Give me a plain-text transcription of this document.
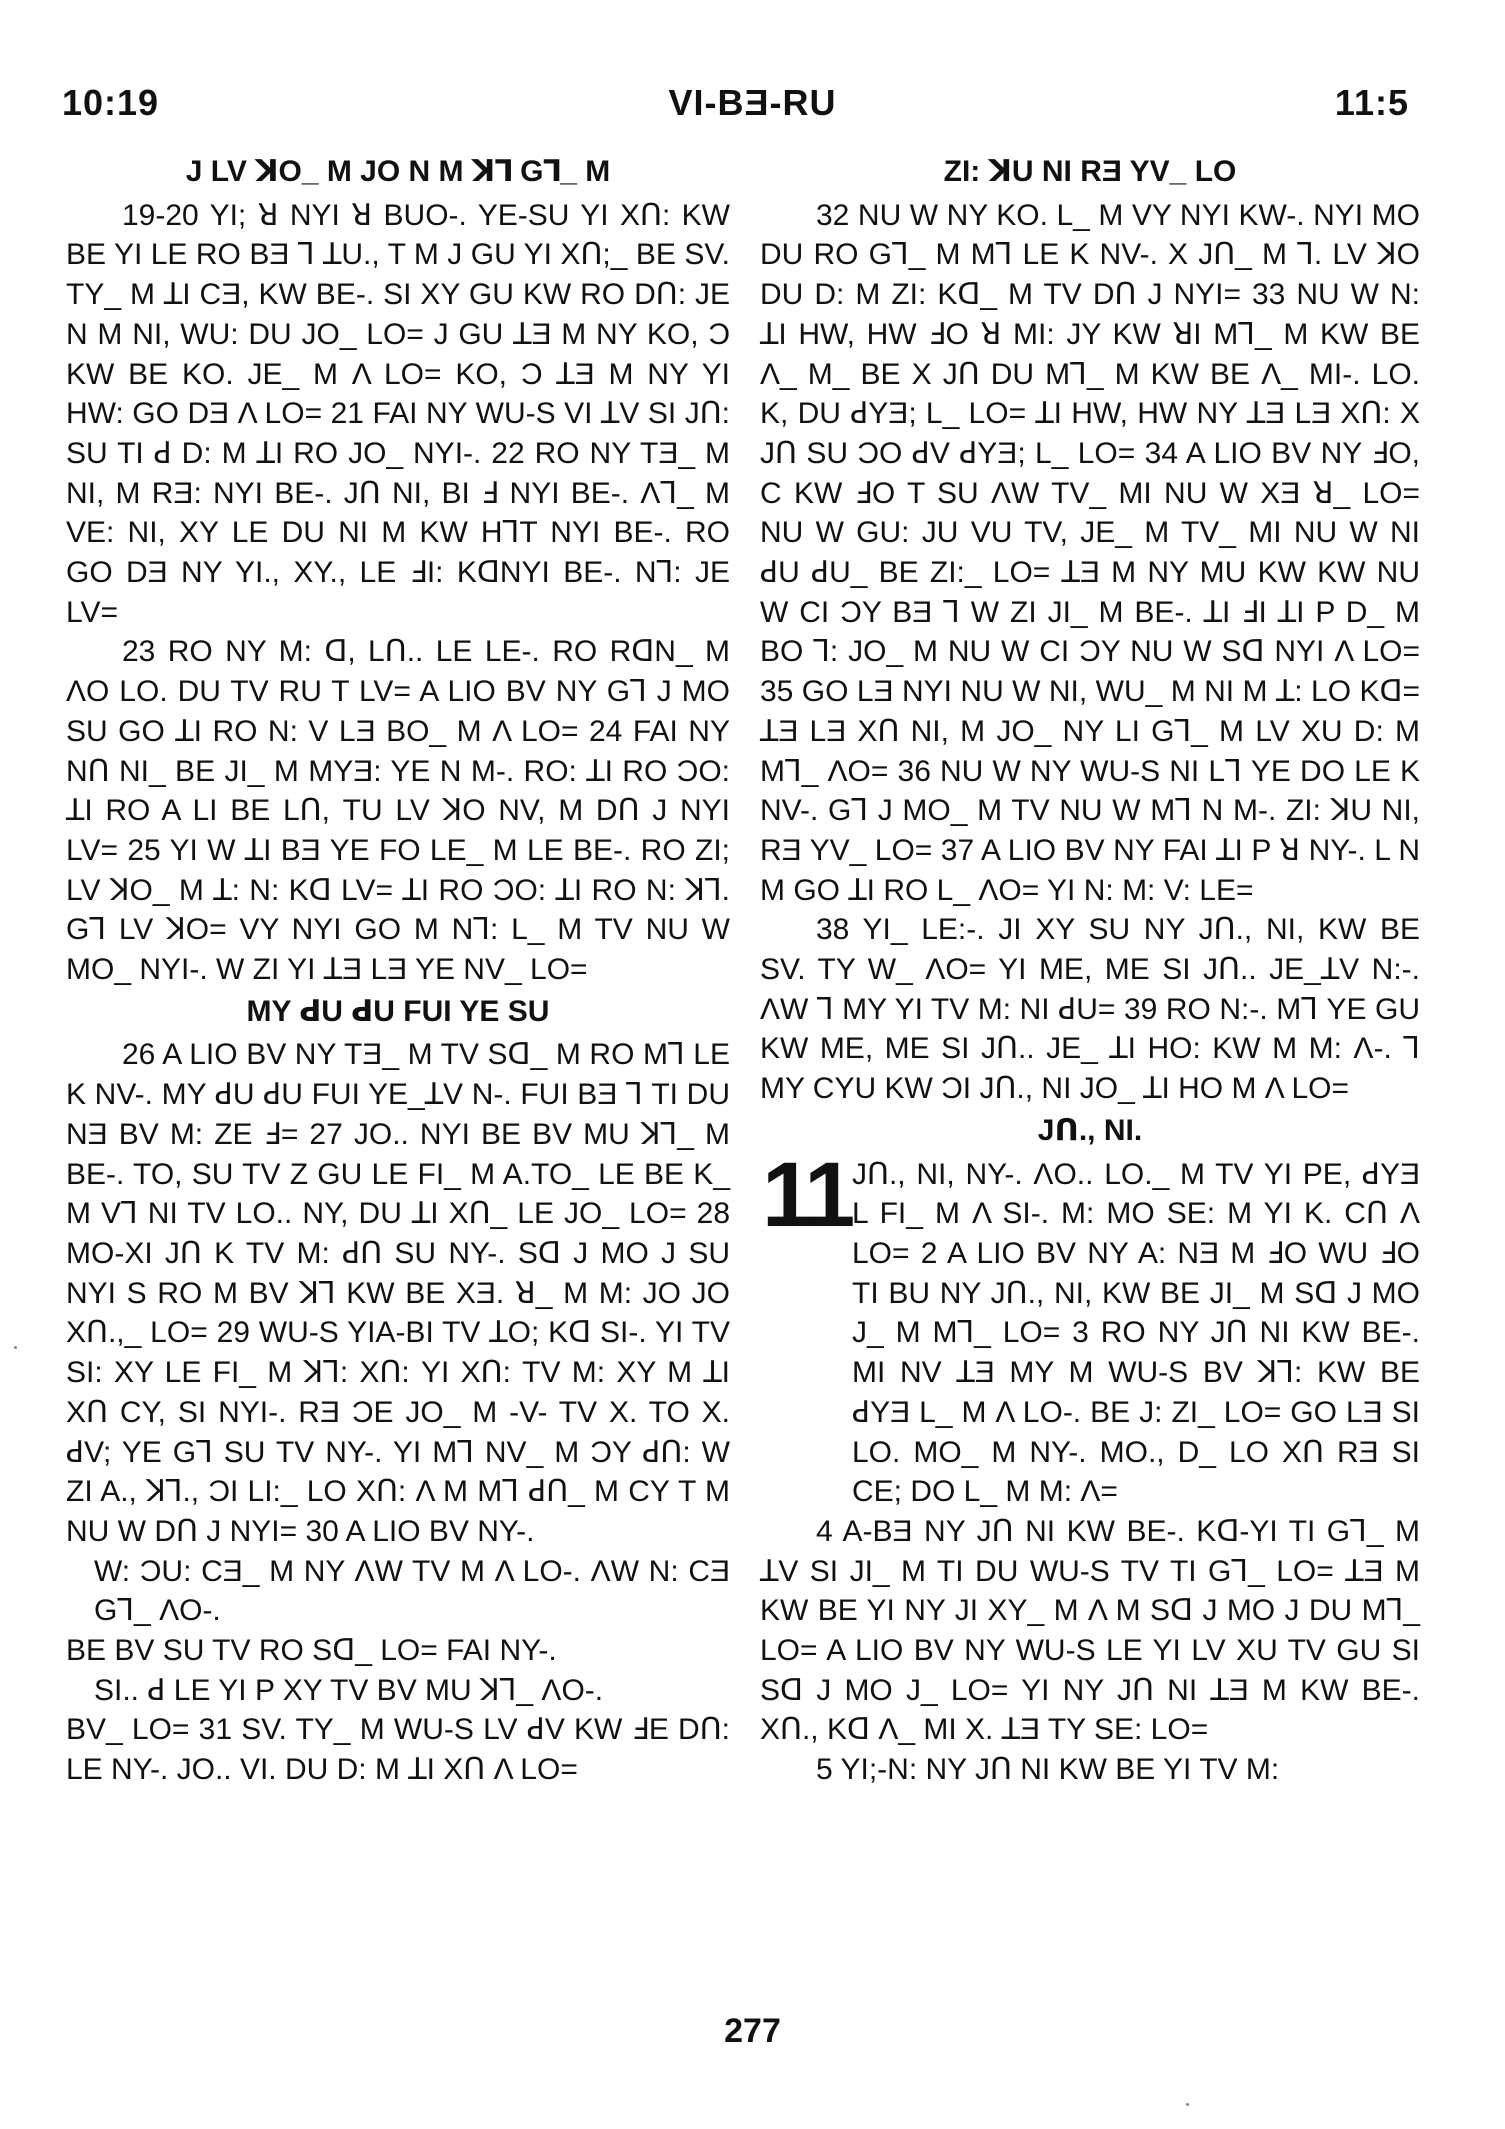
10:19	VI-BƎ-RU	11:5
J LV ꓘO_ M JO N M ꓘꓶ Gꓶ_ M

19-20 YI; ꓤ NYI ꓤ BUO-. YE-SU YI Xꓵ: KW BE YI LE RO BƎ ꓶ ꓕU., T M J GU YI Xꓵ;_ BE SV. TY_ M ꓕI CƎ, KW BE-. SI XY GU KW RO Dꓵ: JE N M NI, WU: DU JO_ LO= J GU ꓕƎ M NY KO, Ɔ KW BE KO. JE_ M Λ LO= KO, Ɔ ꓕƎ M NY YI HW: GO DƎ Λ LO= 21 FAI NY WU-S VI ꓕV SI Jꓵ: SU TI ꓒ D: M ꓕI RO JO_ NYI-. 22 RO NY TƎ_ M NI, M RƎ: NYI BE-. Jꓵ NI, BI ꓞ NYI BE-. Λꓶ_ M VE: NI, XY LE DU NI M KW HꓶT NYI BE-. RO GO DƎ NY YI., XY., LE ꓞI: KꓷNYI BE-. Nꓶ: JE LV=

23 RO NY M: ꓷ, Lꓵ.. LE LE-. RO RꓷN_ M ΛO LO. DU TV RU T LV= A LIO BV NY Gꓶ J MO SU GO ꓕI RO N: V LƎ BO_ M Λ LO= 24 FAI NY Nꓵ NI_ BE JI_ M MYƎ: YE N M-. RO: ꓕI RO ƆO: ꓕI RO A LI BE Lꓵ, TU LV ꓘO NV, M Dꓵ J NYI LV= 25 YI W ꓕI BƎ YE FO LE_ M LE BE-. RO ZI; LV ꓘO_ M ꓕ: N: Kꓷ LV= ꓕI RO ƆO: ꓕI RO N: ꓘꓶ. Gꓶ LV ꓘO= VY NYI GO M Nꓶ: L_ M TV NU W MO_ NYI-. W ZI YI ꓕƎ LƎ YE NV_ LO=

MY ꓒU ꓒU FUI YE SU

26 A LIO BV NY TƎ_ M TV Sꓷ_ M RO Mꓶ LE K NV-. MY ꓒU ꓒU FUI YE_ꓕV N-. FUI BƎ ꓶ TI DU NƎ BV M: ZE ꓞ= 27 JO.. NYI BE BV MU ꓘꓶ_ M BE-. TO, SU TV Z GU LE FI_ M A.TO_ LE BE K_ M Vꓶ NI TV LO.. NY, DU ꓕI Xꓵ_ LE JO_ LO= 28 MO-XI Jꓵ K TV M: ꓒꓵ SU NY-. Sꓷ J MO J SU NYI S RO M BV ꓘꓶ KW BE XƎ. ꓤ_ M M: JO JO Xꓵ.,_ LO= 29 WU-S YIA-BI TV ꓕO; Kꓷ SI-. YI TV SI: XY LE FI_ M ꓘꓶ: Xꓵ: YI Xꓵ: TV M: XY M ꓕI Xꓵ CY, SI NYI-. RƎ ƆE JO_ M -V- TV X. TO X. ꓒV; YE Gꓶ SU TV NY-. YI Mꓶ NV_ M ƆY ꓒꓵ: W ZI A., ꓘꓶ., ƆI LI:_ LO Xꓵ: Λ M Mꓶ ꓒꓵ_ M CY T M NU W Dꓵ J NYI= 30 A LIO BV NY-.

W: ƆU: CƎ_ M NY ΛW TV M Λ LO-. ΛW N: CƎ Gꓶ_ ΛO-.

BE BV SU TV RO Sꓷ_ LO= FAI NY-.

SI.. ꓒ LE YI P XY TV BV MU ꓘꓶ_ ΛO-.

BV_ LO= 31 SV. TY_ M WU-S LV ꓒV KW ꓞE Dꓵ: LE NY-. JO.. VI. DU D: M ꓕI Xꓵ Λ LO=

ZI: ꓘU NI RƎ YV_ LO

32 NU W NY KO. L_ M VY NYI KW-. NYI MO DU RO Gꓶ_ M Mꓶ LE K NV-. X Jꓵ_ M ꓶ. LV ꓘO DU D: M ZI: Kꓷ_ M TV Dꓵ J NYI= 33 NU W N: ꓕI HW, HW ꓞO ꓤ MI: JY KW ꓤI Mꓶ_ M KW BE Λ_ M_ BE X Jꓵ DU Mꓶ_ M KW BE Λ_ MI-. LO. K, DU ꓒYƎ; L_ LO= ꓕI HW, HW NY ꓕƎ LƎ Xꓵ: X Jꓵ SU ƆO ꓒV ꓒYƎ; L_ LO= 34 A LIO BV NY ꓞO, C KW ꓞO T SU ΛW TV_ MI NU W XƎ ꓤ_ LO= NU W GU: JU VU TV, JE_ M TV_ MI NU W NI ꓒU ꓒU_ BE ZI:_ LO= ꓕƎ M NY MU KW KW NU W CI ƆY BƎ ꓶ W ZI JI_ M BE-. ꓕI ꓞI ꓕI P D_ M BO ꓶ: JO_ M NU W CI ƆY NU W Sꓷ NYI Λ LO= 35 GO LƎ NYI NU W NI, WU_ M NI M ꓕ: LO Kꓷ= ꓕƎ LƎ Xꓵ NI, M JO_ NY LI Gꓶ_ M LV XU D: M Mꓶ_ ΛO= 36 NU W NY WU-S NI Lꓶ YE DO LE K NV-. Gꓶ J MO_ M TV NU W Mꓶ N M-. ZI: ꓘU NI, RƎ YV_ LO= 37 A LIO BV NY FAI ꓕI P ꓤ NY-. L N M GO ꓕI RO L_ ΛO= YI N: M: V: LE=

38 YI_ LE:-. JI XY SU NY Jꓵ., NI, KW BE SV. TY W_ ΛO= YI ME, ME SI Jꓵ.. JE_ꓕV N:-. ΛW ꓶ MY YI TV M: NI ꓒU= 39 RO N:-. Mꓶ YE GU KW ME, ME SI Jꓵ.. JE_ ꓕI HO: KW M M: Λ-. ꓶ MY CYU KW ƆI Jꓵ., NI JO_ ꓕI HO M Λ LO=

Jꓵ., NI.
11 Jꓵ., NI, NY-. ΛO.. LO._ M TV YI PE, ꓒYƎ L FI_ M Λ SI-. M: MO SE: M YI K. Cꓵ Λ LO= 2 A LIO BV NY A: NƎ M ꓞO WU ꓞO TI BU NY Jꓵ., NI, KW BE JI_ M Sꓷ J MO J_ M Mꓶ_ LO= 3 RO NY Jꓵ NI KW BE-. MI NV ꓕƎ MY M WU-S BV ꓘꓶ: KW BE ꓒYƎ L_ M Λ LO-. BE J: ZI_ LO= GO LƎ SI LO. MO_ M NY-. MO., D_ LO Xꓵ RƎ SI CE; DO L_ M M: Λ=

4 A-BƎ NY Jꓵ NI KW BE-. Kꓷ-YI TI Gꓶ_ M ꓕV SI JI_ M TI DU WU-S TV TI Gꓶ_ LO= ꓕƎ M KW BE YI NY JI XY_ M Λ M Sꓷ J MO J DU Mꓶ_ LO= A LIO BV NY WU-S LE YI LV XU TV GU SI Sꓷ J MO J_ LO= YI NY Jꓵ NI ꓕƎ M KW BE-. Xꓵ., Kꓷ Λ_ MI X. ꓕƎ TY SE: LO=

5 YI;-N: NY Jꓵ NI KW BE YI TV M:

277
